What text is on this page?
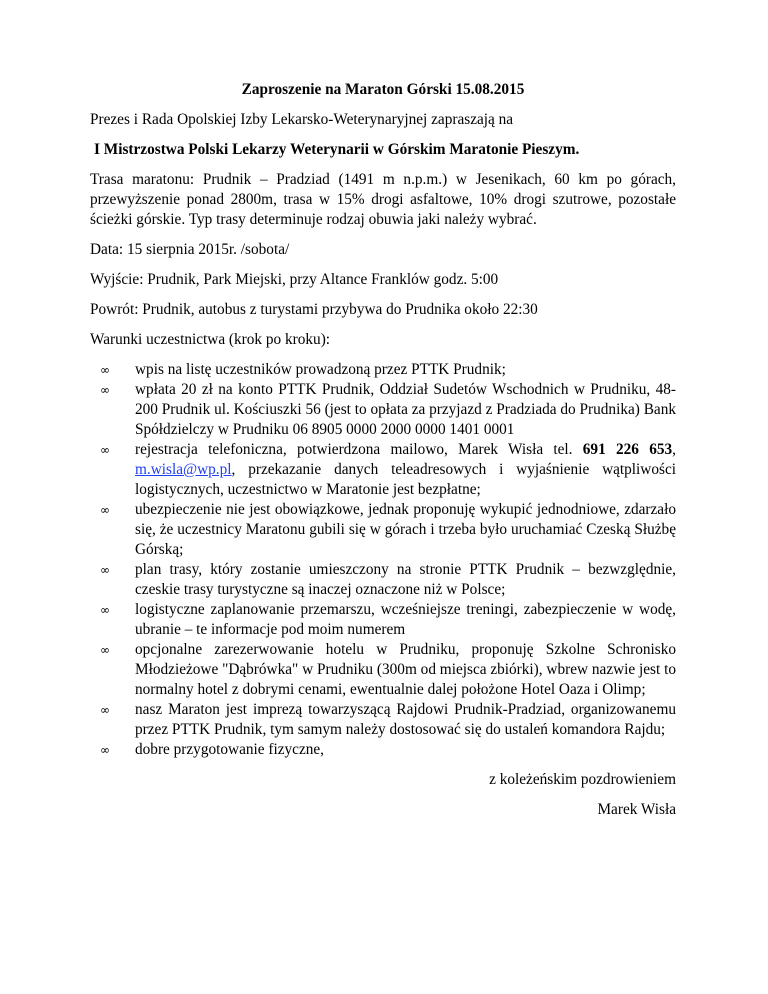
Zaproszenie na Maraton Górski 15.08.2015

Prezes i Rada Opolskiej Izby Lekarsko-Weterynaryjnej zapraszają na

I Mistrzostwa Polski Lekarzy Weterynarii w Górskim Maratonie Pieszym.

Trasa maratonu: Prudnik – Pradziad (1491 m n.p.m.) w Jesenikach, 60 km po górach, przewyższenie ponad 2800m, trasa w 15% drogi asfaltowe, 10% drogi szutrowe, pozostałe ścieżki górskie. Typ trasy determinuje rodzaj obuwia jaki należy wybrać.

Data: 15 sierpnia 2015r. /sobota/

Wyjście: Prudnik, Park Miejski, przy Altance Franklów godz. 5:00

Powrót: Prudnik, autobus z turystami przybywa do Prudnika około 22:30

Warunki uczestnictwa (krok po kroku):

∞ wpis na listę uczestników prowadzoną przez PTTK Prudnik;
∞ wpłata 20 zł na konto PTTK Prudnik, Oddział Sudetów Wschodnich w Prudniku, 48-200 Prudnik ul. Kościuszki 56 (jest to opłata za przyjazd z Pradziada do Prudnika) Bank Spółdzielczy w Prudniku 06 8905 0000 2000 0000 1401 0001
∞ rejestracja telefoniczna, potwierdzona mailowo, Marek Wisła tel. 691 226 653, m.wisla@wp.pl, przekazanie danych teleadresowych i wyjaśnienie wątpliwości logistycznych, uczestnictwo w Maratonie jest bezpłatne;
∞ ubezpieczenie nie jest obowiązkowe, jednak proponuję wykupić jednodniowe, zdarzało się, że uczestnicy Maratonu gubili się w górach i trzeba było uruchamiać Czeską Służbę Górską;
∞ plan trasy, który zostanie umieszczony na stronie PTTK Prudnik – bezwzględnie, czeskie trasy turystyczne są inaczej oznaczone niż w Polsce;
∞ logistyczne zaplanowanie przemarszu, wcześniejsze treningi, zabezpieczenie w wodę, ubranie – te informacje pod moim numerem
∞ opcjonalne zarezerwowanie hotelu w Prudniku, proponuję Szkolne Schronisko Młodzieżowe "Dąbrówka" w Prudniku (300m od miejsca zbiórki), wbrew nazwie jest to normalny hotel z dobrymi cenami, ewentualnie dalej położone Hotel Oaza i Olimp;
∞ nasz Maraton jest imprezą towarzyszącą Rajdowi Prudnik-Pradziad, organizowanemu przez PTTK Prudnik, tym samym należy dostosować się do ustaleń komandora Rajdu;
∞ dobre przygotowanie fizyczne,

z koleżeńskim pozdrowieniem

Marek Wisła
